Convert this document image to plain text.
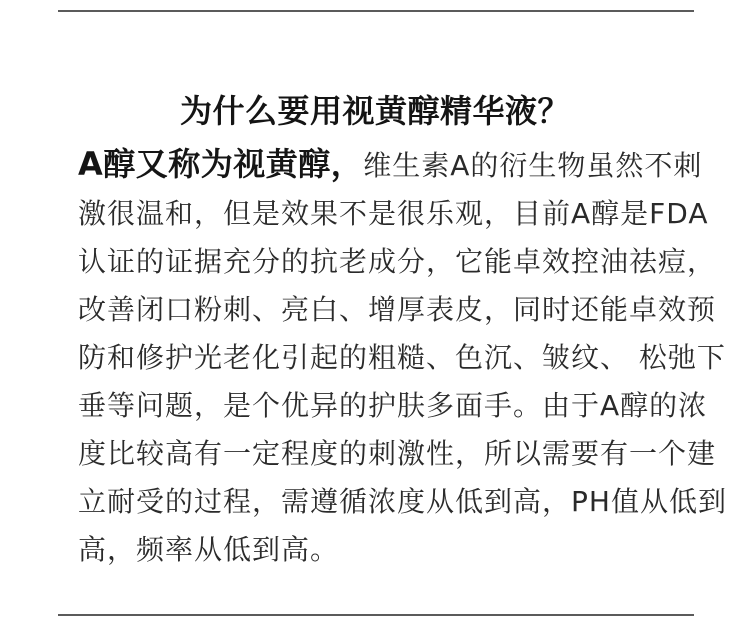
为什么要用视黄醇精华液？

A醇又称为视黄醇，维生素A的衍生物虽然不刺激很温和，但是效果不是很乐观，目前A醇是FDA认证的证据充分的抗老成分，它能卓效控油祛痘，改善闭口粉刺、亮白、增厚表皮，同时还能卓效预防和修护光老化引起的粗糙、色沉、皱纹、 松弛下垂等问题，是个优异的护肤多面手。由于A醇的浓度比较高有一定程度的刺激性，所以需要有一个建立耐受的过程，需遵循浓度从低到高，PH值从低到高，频率从低到高。
